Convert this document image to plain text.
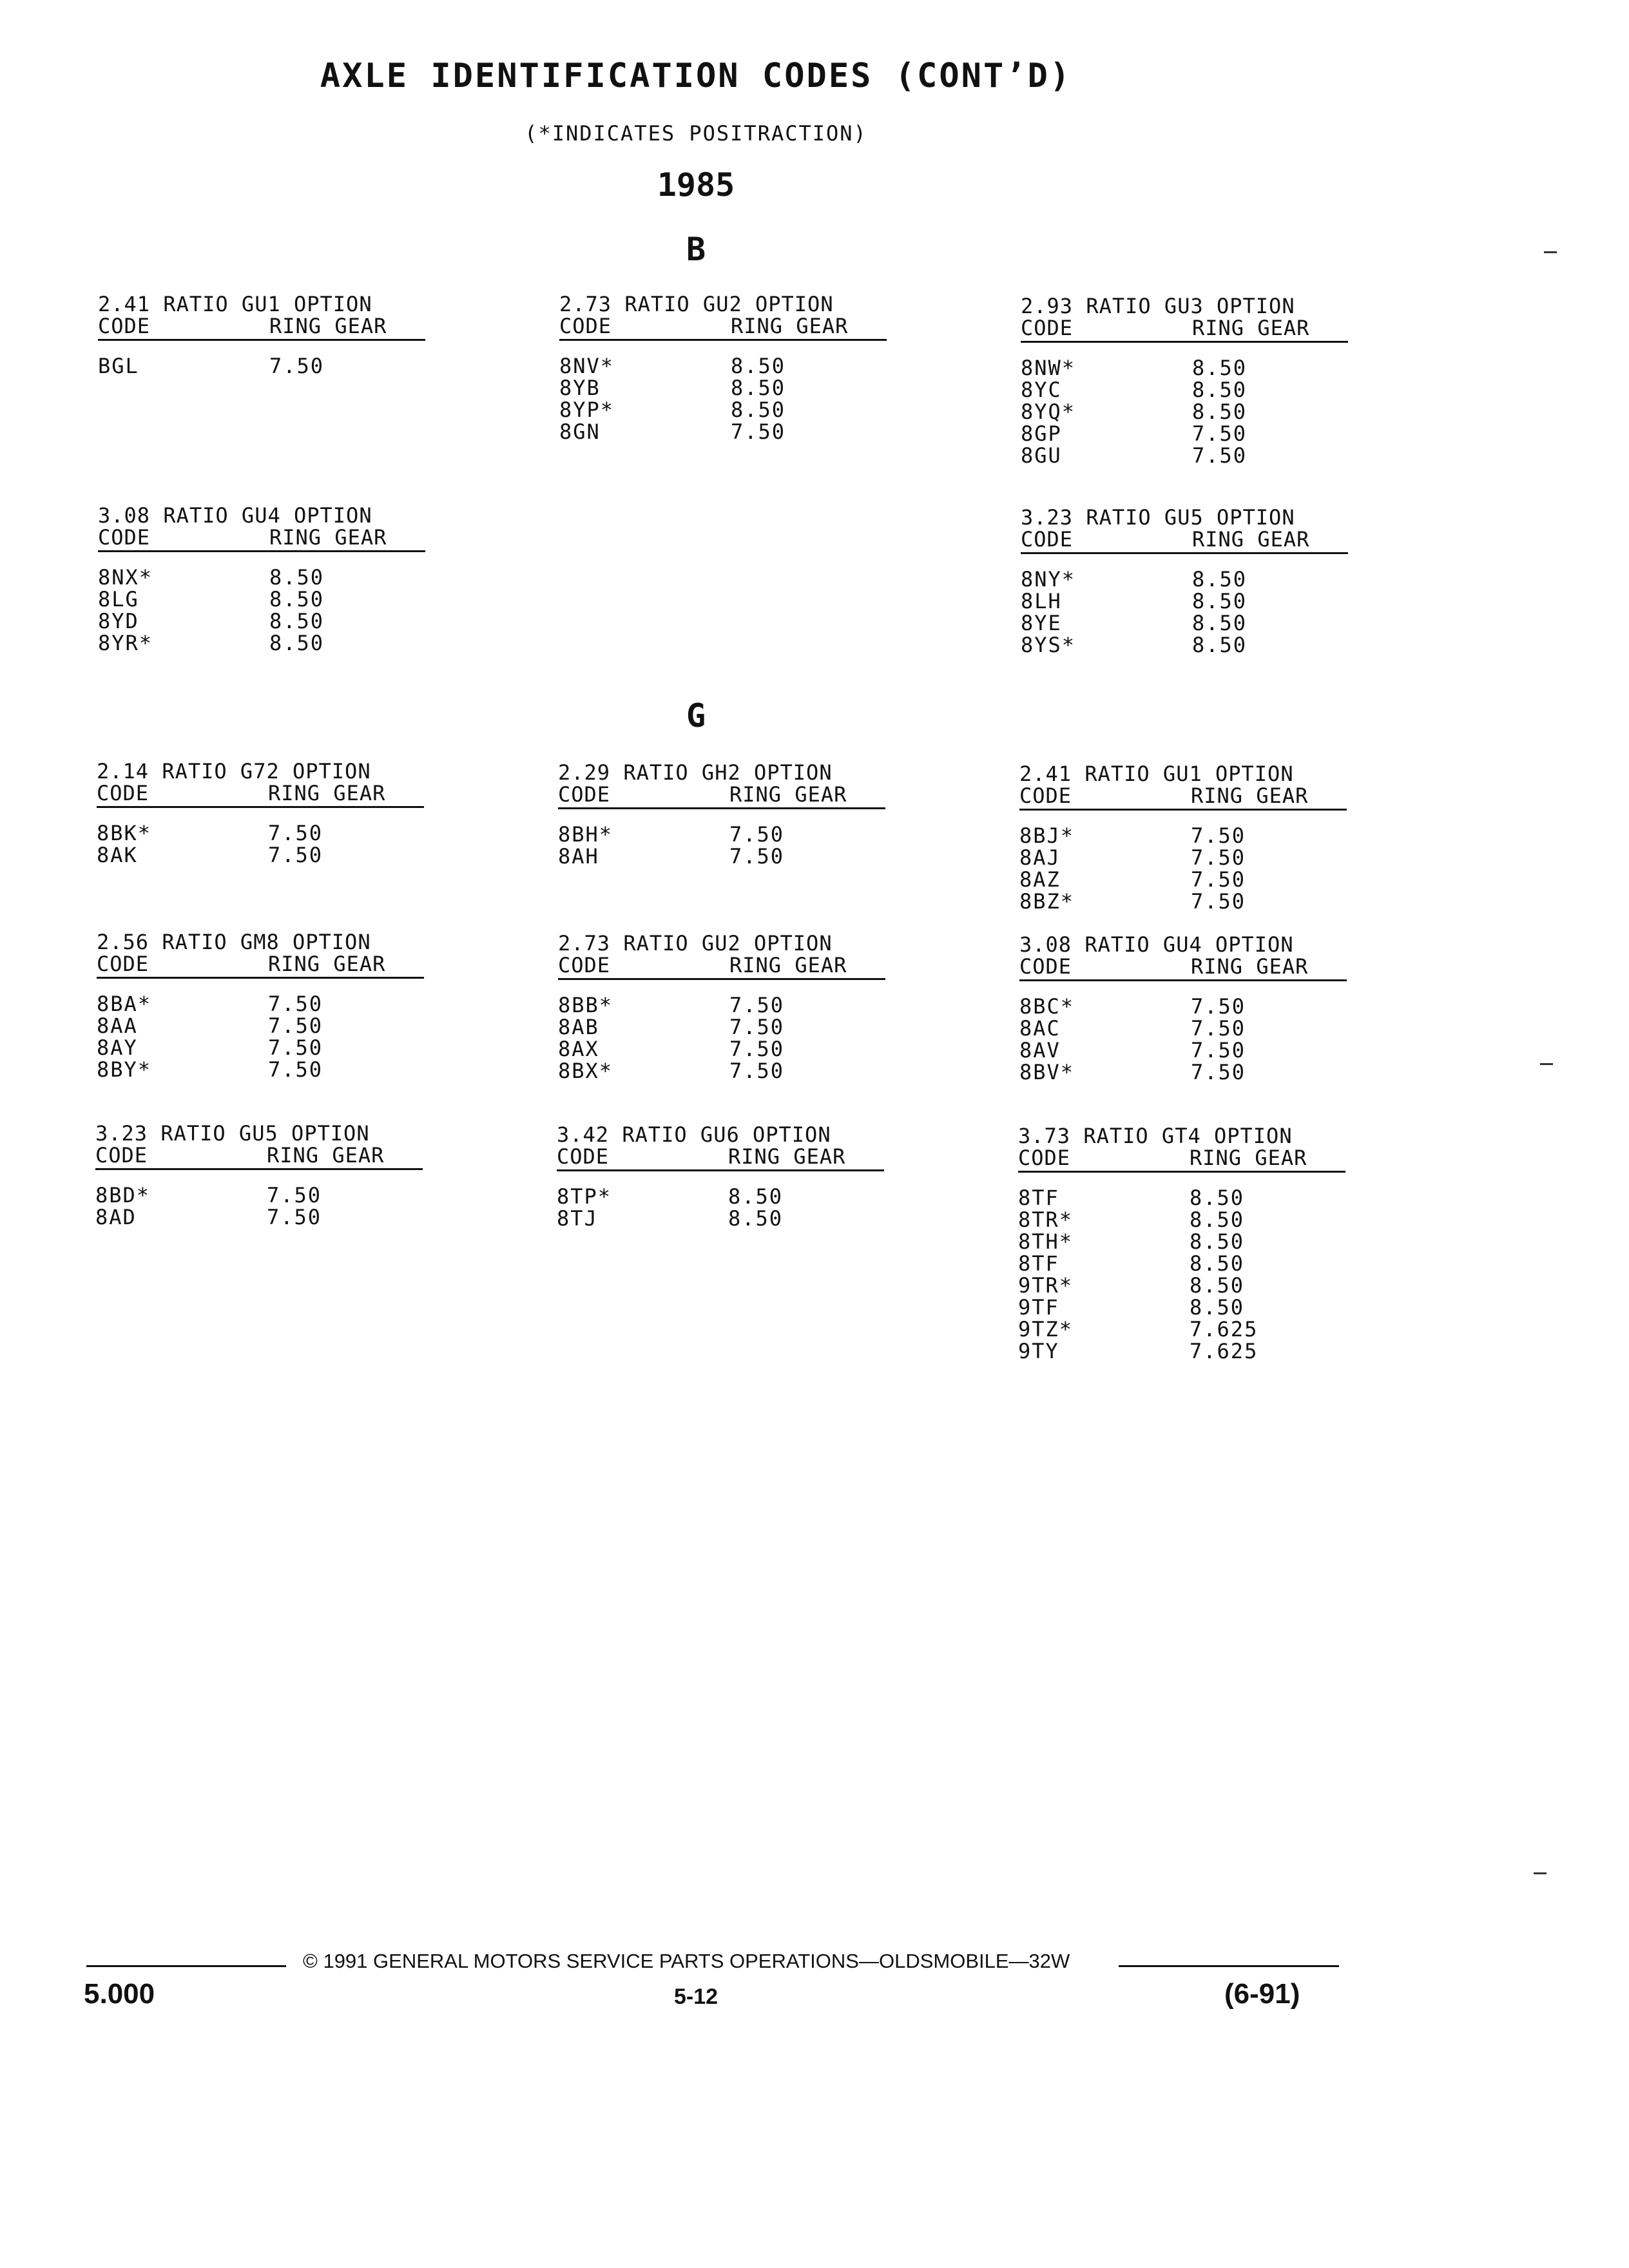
AXLE IDENTIFICATION CODES (CONT’D)
(*INDICATES POSITRACTION)
1985
B
G
2.41 RATIO GU1 OPTION
CODE	RING GEAR
BGL	7.50
2.73 RATIO GU2 OPTION
CODE	RING GEAR
8NV*	8.50
8YB	8.50
8YP*	8.50
8GN	7.50
2.93 RATIO GU3 OPTION
CODE	RING GEAR
8NW*	8.50
8YC	8.50
8YQ*	8.50
8GP	7.50
8GU	7.50
3.08 RATIO GU4 OPTION
CODE	RING GEAR
8NX*	8.50
8LG	8.50
8YD	8.50
8YR*	8.50
3.23 RATIO GU5 OPTION
CODE	RING GEAR
8NY*	8.50
8LH	8.50
8YE	8.50
8YS*	8.50
2.14 RATIO G72 OPTION
CODE	RING GEAR
8BK*	7.50
8AK	7.50
2.29 RATIO GH2 OPTION
CODE	RING GEAR
8BH*	7.50
8AH	7.50
2.41 RATIO GU1 OPTION
CODE	RING GEAR
8BJ*	7.50
8AJ	7.50
8AZ	7.50
8BZ*	7.50
2.56 RATIO GM8 OPTION
CODE	RING GEAR
8BA*	7.50
8AA	7.50
8AY	7.50
8BY*	7.50
2.73 RATIO GU2 OPTION
CODE	RING GEAR
8BB*	7.50
8AB	7.50
8AX	7.50
8BX*	7.50
3.08 RATIO GU4 OPTION
CODE	RING GEAR
8BC*	7.50
8AC	7.50
8AV	7.50
8BV*	7.50
3.23 RATIO GU5 OPTION
CODE	RING GEAR
8BD*	7.50
8AD	7.50
3.42 RATIO GU6 OPTION
CODE	RING GEAR
8TP*	8.50
8TJ	8.50
3.73 RATIO GT4 OPTION
CODE	RING GEAR
8TF	8.50
8TR*	8.50
8TH*	8.50
8TF	8.50
9TR*	8.50
9TF	8.50
9TZ*	7.625
9TY	7.625
© 1991 GENERAL MOTORS SERVICE PARTS OPERATIONS—OLDSMOBILE—32W
5.000	5-12	(6-91)
